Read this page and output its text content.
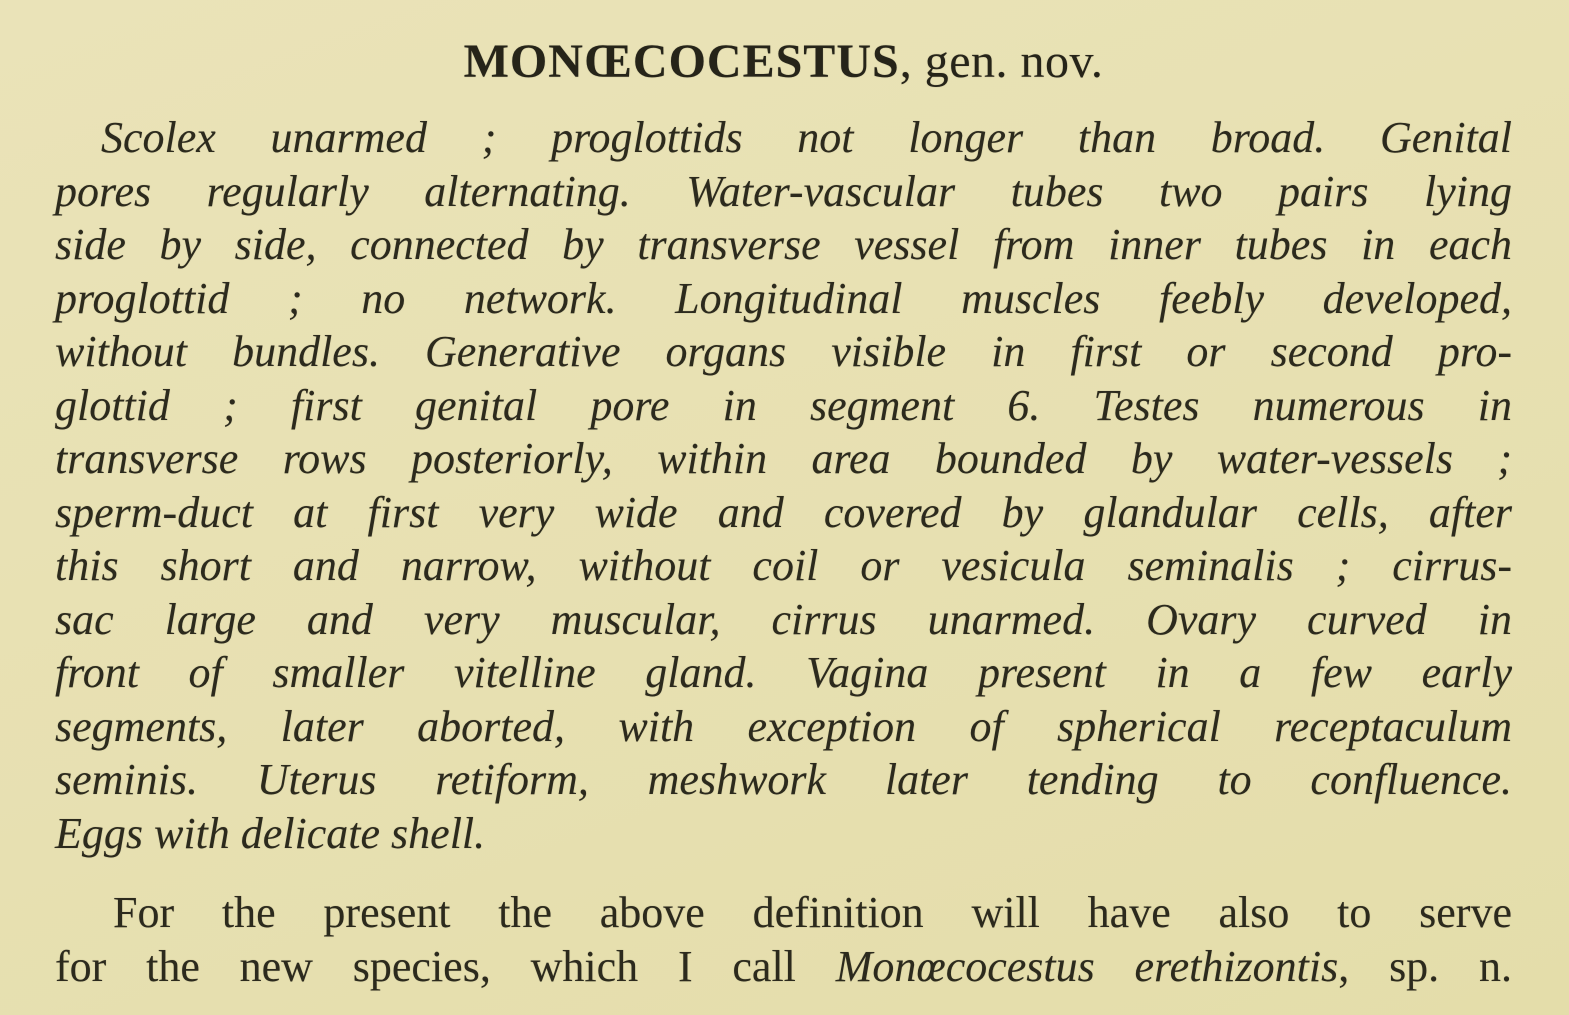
MONŒCOCESTUS, gen. nov.
Scolex unarmed ; proglottids not longer than broad. Genital
pores regularly alternating. Water-vascular tubes two pairs lying
side by side, connected by transverse vessel from inner tubes in each
proglottid ; no network. Longitudinal muscles feebly developed,
without bundles. Generative organs visible in first or second pro-
glottid ; first genital pore in segment 6. Testes numerous in
transverse rows posteriorly, within area bounded by water-vessels ;
sperm-duct at first very wide and covered by glandular cells, after
this short and narrow, without coil or vesicula seminalis ; cirrus-
sac large and very muscular, cirrus unarmed. Ovary curved in
front of smaller vitelline gland. Vagina present in a few early
segments, later aborted, with exception of spherical receptaculum
seminis. Uterus retiform, meshwork later tending to confluence.
Eggs with delicate shell.
For the present the above definition will have also to serve
for the new species, which I call Monœcocestus erethizontis, sp. n.
